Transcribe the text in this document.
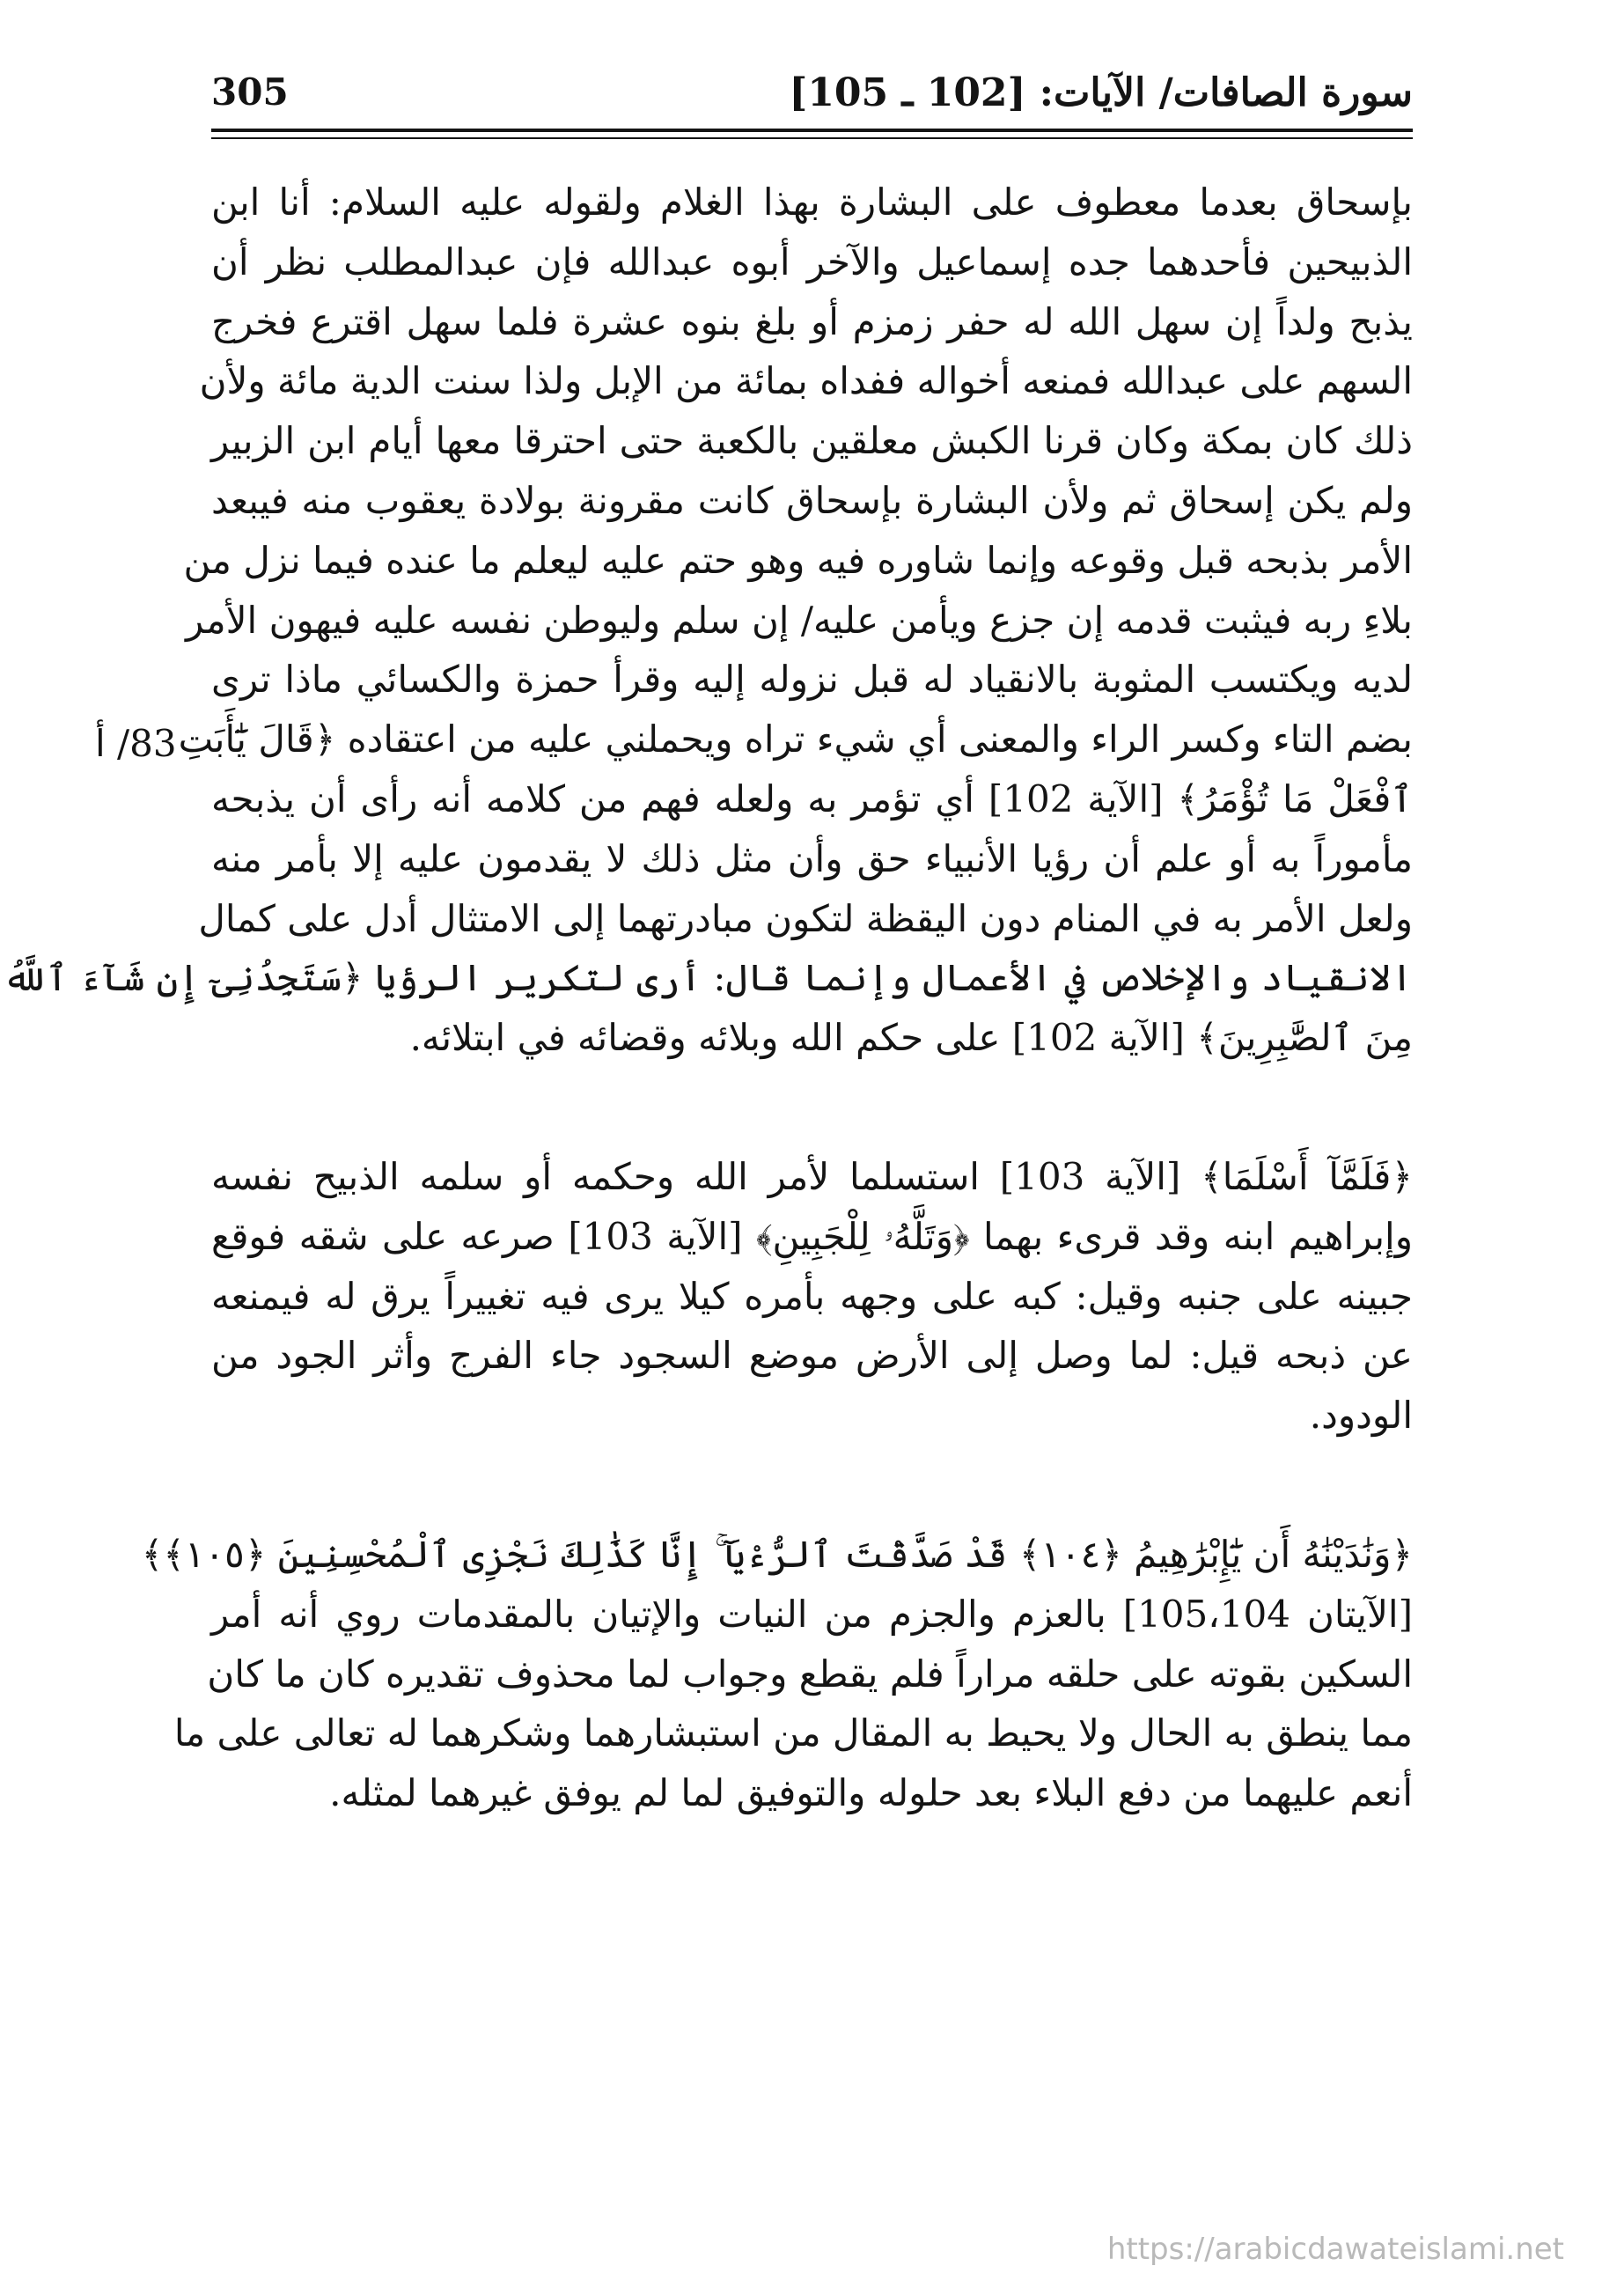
سورة الصافات/ الآيات: [102 ـ 105]
305
83/ أ
بإسحاق بعدما معطوف على البشارة بهذا الغلام ولقوله عليه السلام: أنا ابن
الذبيحين فأحدهما جده إسماعيل والآخر أبوه عبدالله فإن عبدالمطلب نظر أن
يذبح ولداً إن سهل الله له حفر زمزم أو بلغ بنوه عشرة فلما سهل اقترع فخرج
السهم على عبدالله فمنعه أخواله ففداه بمائة من الإبل ولذا سنت الدية مائة ولأن
ذلك كان بمكة وكان قرنا الكبش معلقين بالكعبة حتى احترقا معها أيام ابن الزبير
ولم يكن إسحاق ثم ولأن البشارة بإسحاق كانت مقرونة بولادة يعقوب منه فيبعد
الأمر بذبحه قبل وقوعه وإنما شاوره فيه وهو حتم عليه ليعلم ما عنده فيما نزل من
بلاءِ ربه فيثبت قدمه إن جزع ويأمن عليه/ إن سلم وليوطن نفسه عليه فيهون الأمر
لديه ويكتسب المثوبة بالانقياد له قبل نزوله إليه وقرأ حمزة والكسائي ماذا ترى
بضم التاء وكسر الراء والمعنى أي شيء تراه ويحملني عليه من اعتقاده ﴿قَالَ يَٰٓأَبَتِ
ٱفْعَلْ مَا تُؤْمَرُ﴾ [الآية 102] أي تؤمر به ولعله فهم من كلامه أنه رأى أن يذبحه
مأموراً به أو علم أن رؤيا الأنبياء حق وأن مثل ذلك لا يقدمون عليه إلا بأمر منه
ولعل الأمر به في المنام دون اليقظة لتكون مبادرتهما إلى الامتثال أدل على كمال
الانقياد والإخلاص في الأعمال وإنما قال: أرى لتكرير الرؤيا ﴿سَتَجِدُنِىٓ إِن شَآءَ ٱللَّهُ
مِنَ ٱلصَّٰبِرِينَ﴾ [الآية 102] على حكم الله وبلائه وقضائه في ابتلائه.
﴿فَلَمَّآ أَسْلَمَا﴾ [الآية 103] استسلما لأمر الله وحكمه أو سلمه الذبيح نفسه
وإبراهيم ابنه وقد قرىء بهما ﴿وَتَلَّهُۥ لِلْجَبِينِ﴾ [الآية 103] صرعه على شقه فوقع
جبينه على جنبه وقيل: كبه على وجهه بأمره كيلا يرى فيه تغييراً يرق له فيمنعه
عن ذبحه قيل: لما وصل إلى الأرض موضع السجود جاء الفرج وأثر الجود من
الودود.
﴿وَنَٰدَيْنَٰهُ أَن يَٰٓإِبْرَٰهِيمُ ﴿١٠٤﴾ قَدْ صَدَّقْتَ ٱلرُّءْيَآ ۚ إِنَّا كَذَٰلِكَ نَجْزِى ٱلْمُحْسِنِينَ ﴿١٠٥﴾﴾
[الآيتان 105،104] بالعزم والجزم من النيات والإتيان بالمقدمات روي أنه أمر
السكين بقوته على حلقه مراراً فلم يقطع وجواب لما محذوف تقديره كان ما كان
مما ينطق به الحال ولا يحيط به المقال من استبشارهما وشكرهما له تعالى على ما
أنعم عليهما من دفع البلاء بعد حلوله والتوفيق لما لم يوفق غيرهما لمثله.
https://arabicdawateislami.net
